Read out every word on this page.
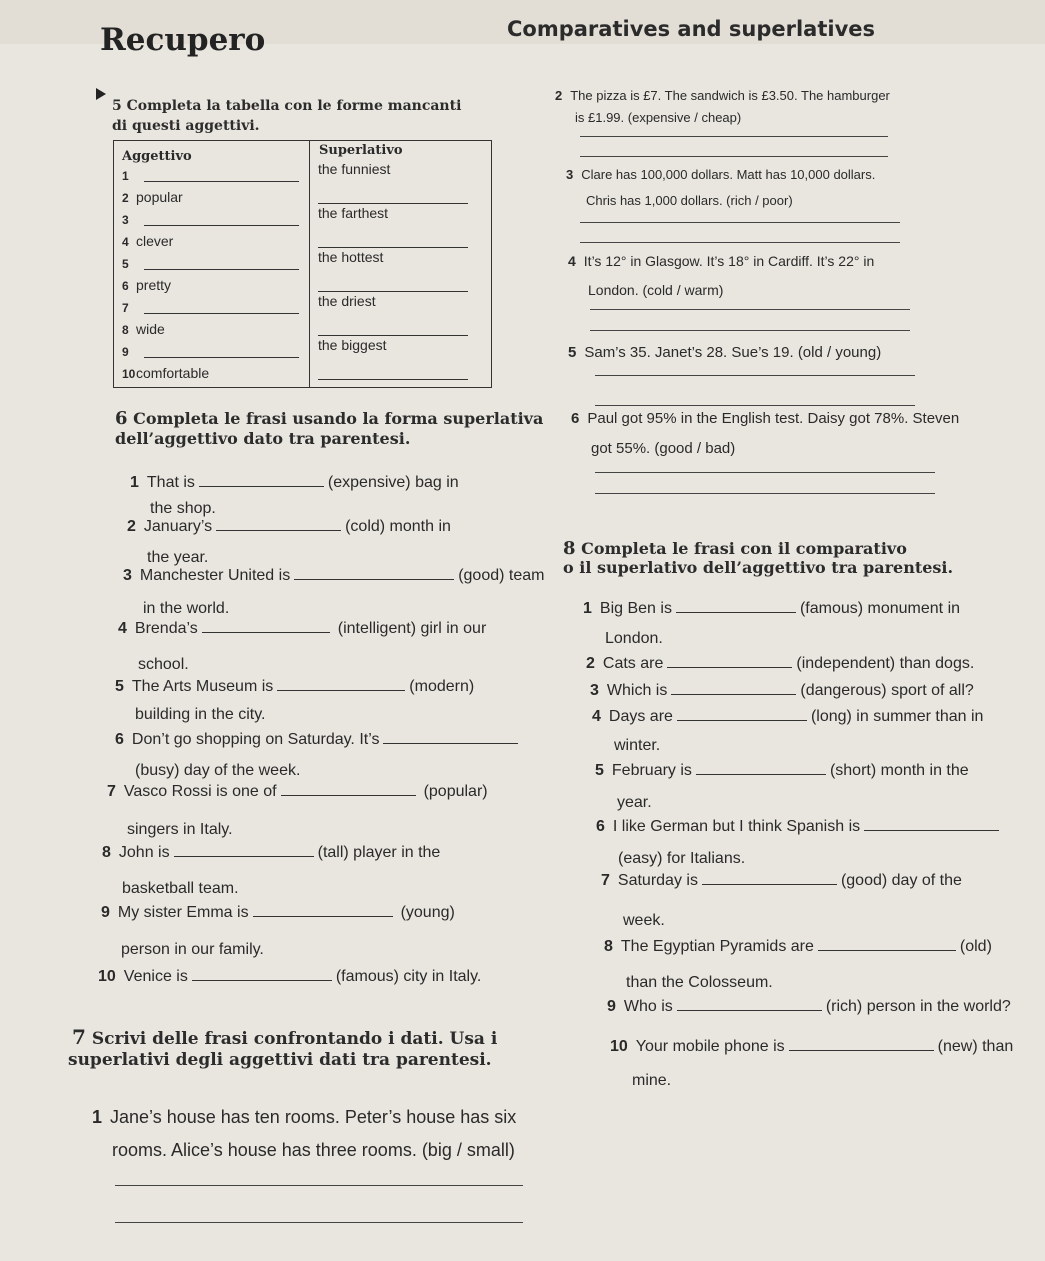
Recupero	Comparatives and superlatives
5 Completa la tabella con le forme mancanti
di questi aggettivi.
Aggettivo	Superlativo
1	the funniest
2 popular
3	the farthest
4 clever
5	the hottest
6 pretty
7	the driest
8 wide
9	the biggest
10 comfortable
6 Completa le frasi usando la forma superlativa
dell’aggettivo dato tra parentesi.
1 That is	(expensive) bag in
the shop.
2 January’s	(cold) month in
the year.
3 Manchester United is	(good) team
in the world.
4 Brenda’s	(intelligent) girl in our
school.
5 The Arts Museum is	(modern)
building in the city.
6 Don’t go shopping on Saturday. It’s
(busy) day of the week.
7 Vasco Rossi is one of	(popular)
singers in Italy.
8 John is	(tall) player in the
basketball team.
9 My sister Emma is	(young)
person in our family.
10 Venice is	(famous) city in Italy.
7 Scrivi delle frasi confrontando i dati. Usa i
superlativi degli aggettivi dati tra parentesi.
1 Jane’s house has ten rooms. Peter’s house has six
rooms. Alice’s house has three rooms. (big / small)
2 The pizza is £7. The sandwich is £3.50. The hamburger
is £1.99. (expensive / cheap)
3 Clare has 100,000 dollars. Matt has 10,000 dollars.
Chris has 1,000 dollars. (rich / poor)
4 It’s 12° in Glasgow. It’s 18° in Cardiff. It’s 22° in
London. (cold / warm)
5 Sam’s 35. Janet’s 28. Sue’s 19. (old / young)
6 Paul got 95% in the English test. Daisy got 78%. Steven
got 55%. (good / bad)
8 Completa le frasi con il comparativo
o il superlativo dell’aggettivo tra parentesi.
1 Big Ben is	(famous) monument in
London.
2 Cats are	(independent) than dogs.
3 Which is	(dangerous) sport of all?
4 Days are	(long) in summer than in
winter.
5 February is	(short) month in the
year.
6 I like German but I think Spanish is
(easy) for Italians.
7 Saturday is	(good) day of the
week.
8 The Egyptian Pyramids are	(old)
than the Colosseum.
9 Who is	(rich) person in the world?
10 Your mobile phone is	(new) than
mine.
